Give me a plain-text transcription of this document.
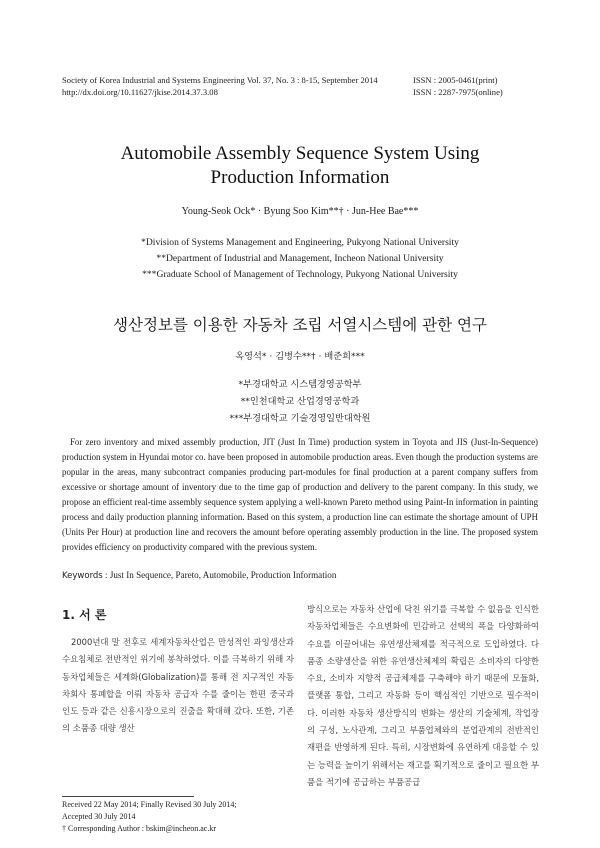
Society of Korea Industrial and Systems Engineering Vol. 37, No. 3 : 8-15, September 2014
http://dx.doi.org/10.11627/jkise.2014.37.3.08
ISSN : 2005-0461(print)
ISSN : 2287-7975(online)
Automobile Assembly Sequence System Using
Production Information
Young-Seok Ock* · Byung Soo Kim**† · Jun-Hee Bae***
*Division of Systems Management and Engineering, Pukyong National University
**Department of Industrial and Management, Incheon National University
***Graduate School of Management of Technology, Pukyong National University
생산정보를 이용한 자동차 조립 서열시스템에 관한 연구
옥영석* · 김병수**† · 배준희***
*부경대학교 시스템경영공학부
**인천대학교 산업경영공학과
***부경대학교 기술경영일반대학원
For zero inventory and mixed assembly production, JIT (Just In Time) production system in Toyota and JIS (Just-In-Sequence) production system in Hyundai motor co. have been proposed in automobile production areas. Even though the production systems are popular in the areas, many subcontract companies producing part-modules for final production at a parent company suffers from excessive or shortage amount of inventory due to the time gap of production and delivery to the parent company. In this study, we propose an efficient real-time assembly sequence system applying a well-known Pareto method using Paint-In information in painting process and daily production planning information. Based on this system, a production line can estimate the shortage amount of UPH (Units Per Hour) at production line and recovers the amount before operating assembly production in the line. The proposed system provides efficiency on productivity compared with the previous system.
Keywords : Just In Sequence, Pareto, Automobile, Production Information
1. 서 론
2000년대 말 전후로 세계자동차산업은 만성적인 과잉생산과 수요침체로 전반적인 위기에 봉착하였다. 이를 극복하기 위해 자동차업체들은 세계화(Globalization)를 통해 전 지구적인 자동차회사 통폐합을 이뤄 자동차 공급자 수를 줄이는 한편 중국과 인도 등과 같은 신흥시장으로의 진출을 확대해 갔다. 또한, 기존의 소품종 대량 생산
방식으로는 자동차 산업에 닥친 위기를 극복할 수 없음을 인식한 자동차업체들은 수요변화에 민감하고 선택의 폭을 다양화하여 수요를 이끌어내는 유연생산체제를 적극적으로 도입하였다. 다품종 소량생산을 위한 유연생산체제의 확립은 소비자의 다양한 수요, 소비자 지향적 공급체제를 구축해야 하기 때문에 모듈화, 플랫폼 통합, 그리고 자동화 등이 핵심적인 기반으로 필수적이다. 이러한 자동차 생산방식의 변화는 생산의 기술체계, 작업장의 구성, 노사관계, 그리고 부품업체와의 분업관계의 전반적인 재편을 반영하게 된다. 특히, 시장변화에 유연하게 대응할 수 있는 능력을 높이기 위해서는 재고를 획기적으로 줄이고 필요한 부품을 적기에 공급하는 부품공급
Received 22 May 2014; Finally Revised 30 July 2014;
Accepted 30 July 2014
† Corresponding Author : bskim@incheon.ac.kr
